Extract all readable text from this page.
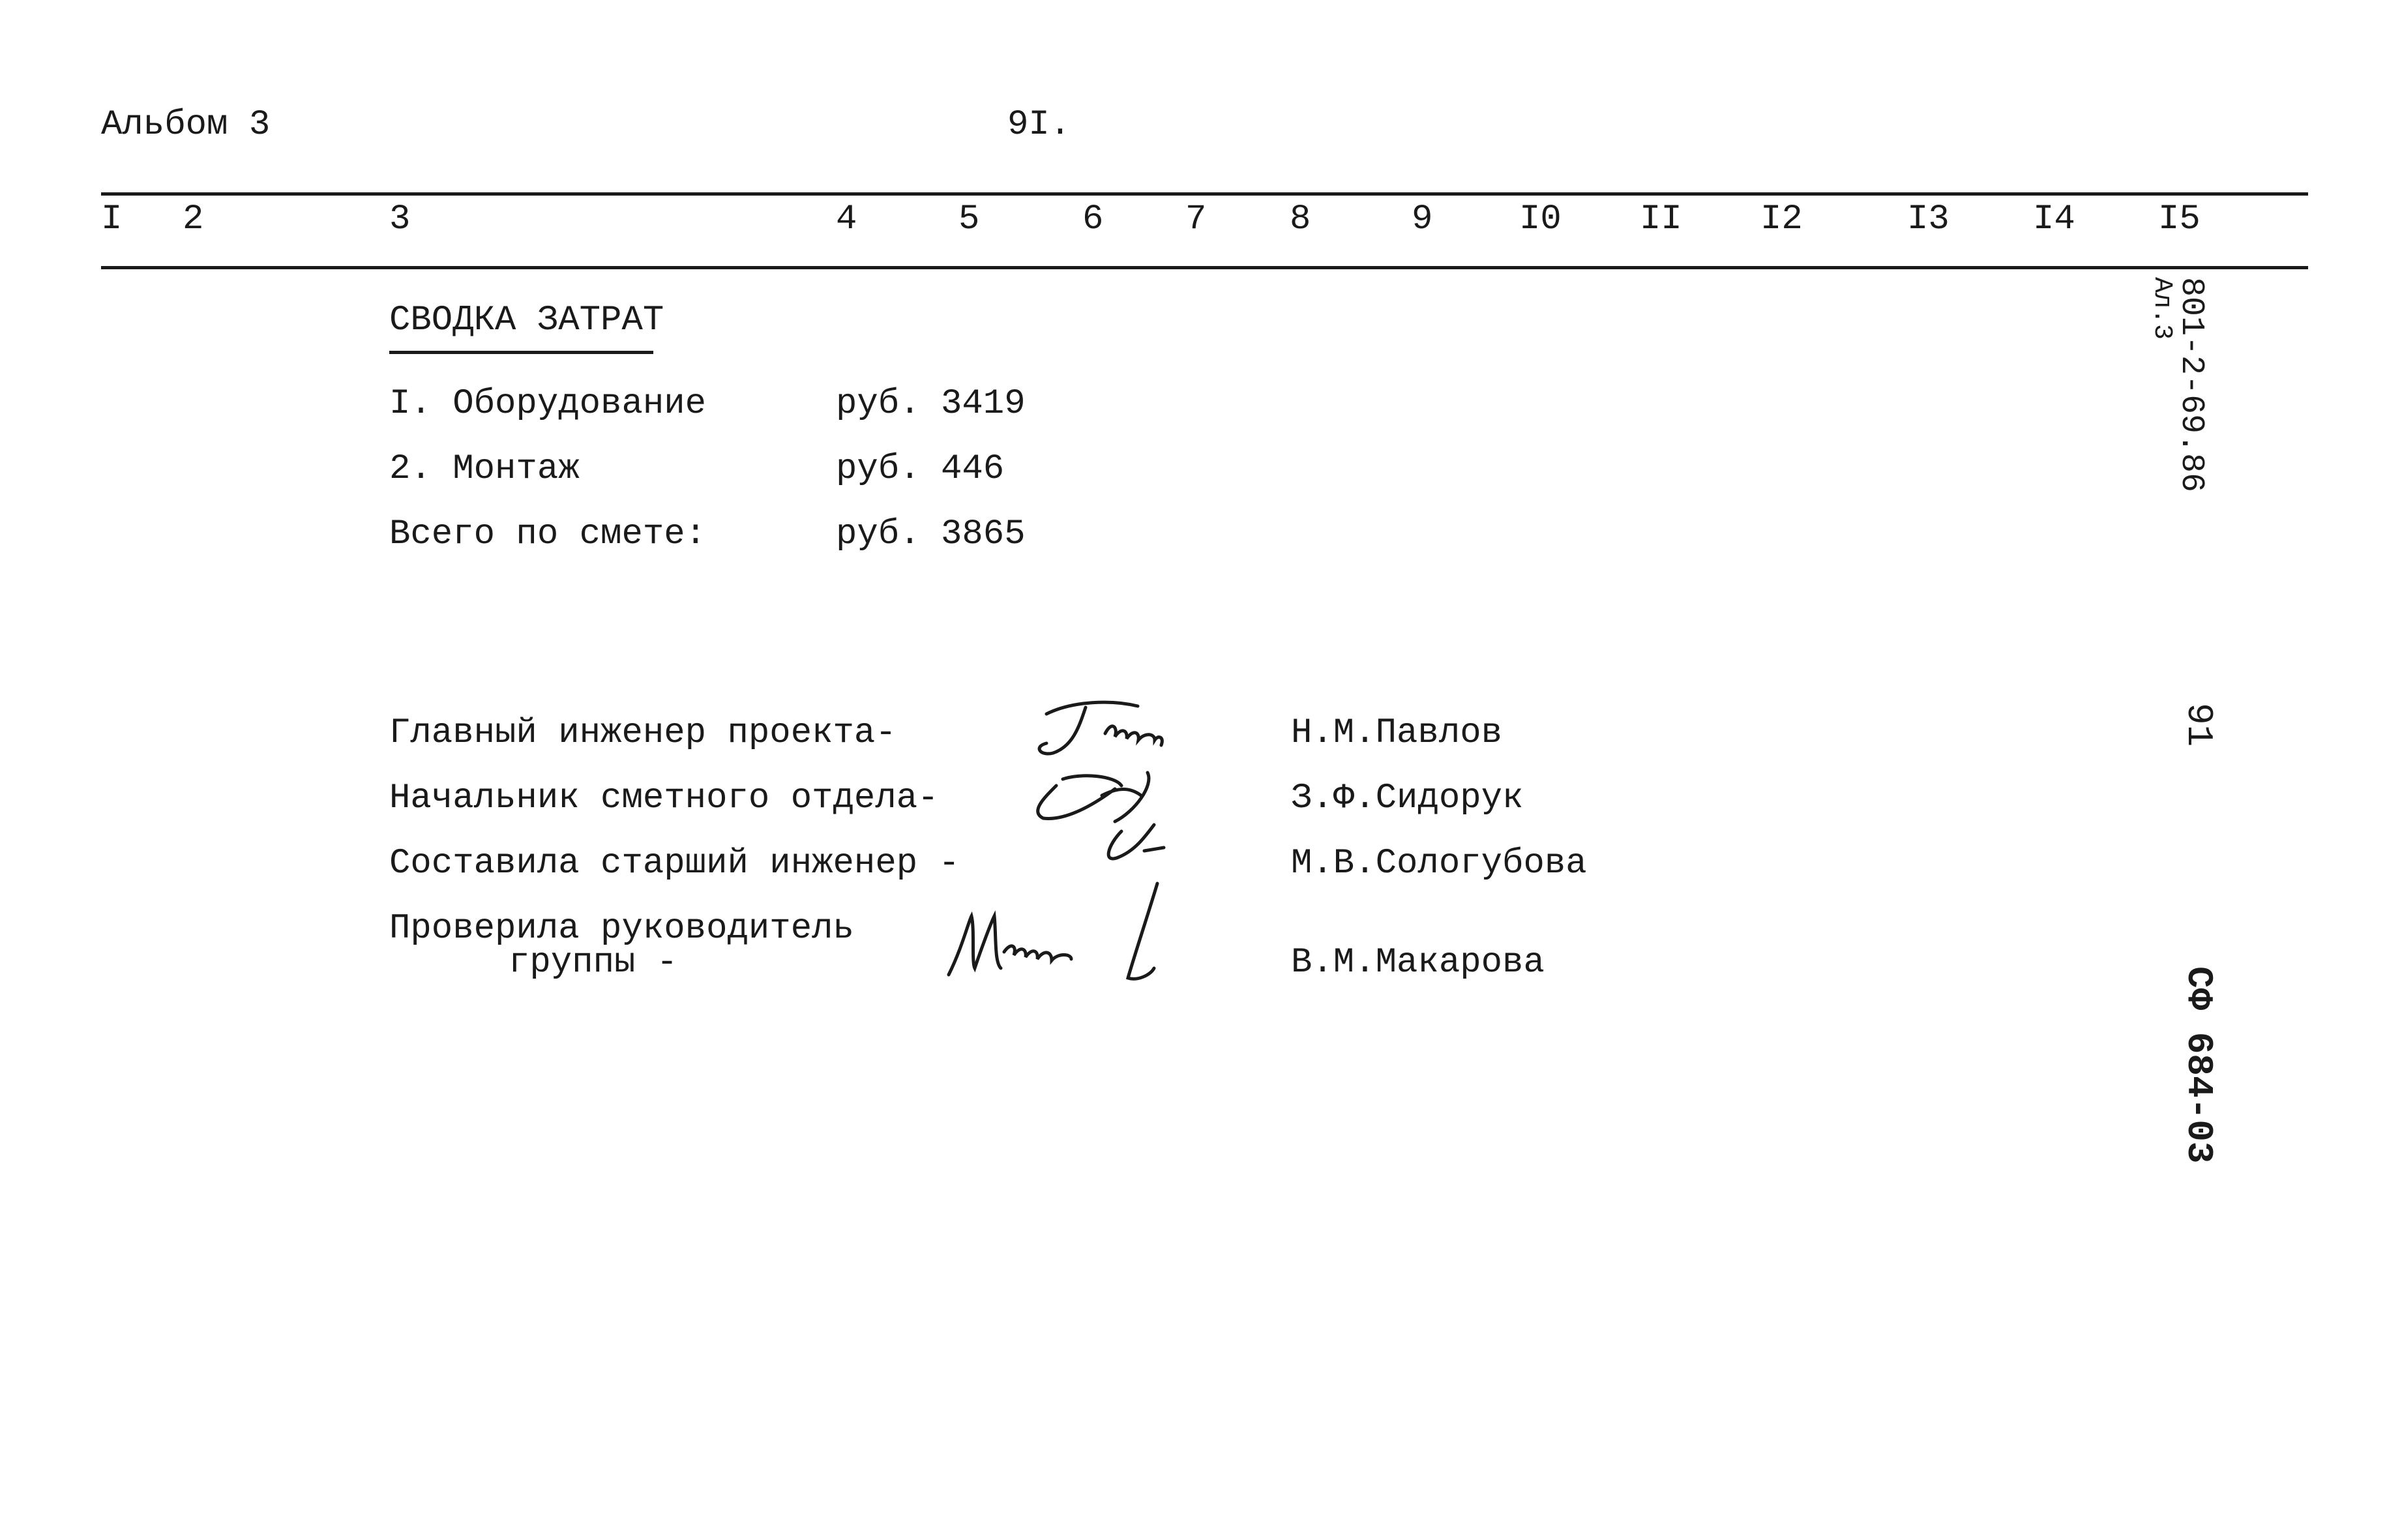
Альбом 3	9I.
I 2	3	4	5	6 7 8	9 I0 II I2	I3 I4 I5
СВОДКА ЗАТРАТ
I. Оборудование	руб. 3419
2. Монтаж	руб. 446
Всего по смете:	руб. 3865
Главный инженер проекта-	Н.М.Павлов
Начальник сметного отдела-	З.Ф.Сидорук
Составила старший инженер -	М.В.Сологубова
Проверила руководитель
группы -	В.М.Макарова
801-2-69.86
Ал.3
91
СФ 684-03
